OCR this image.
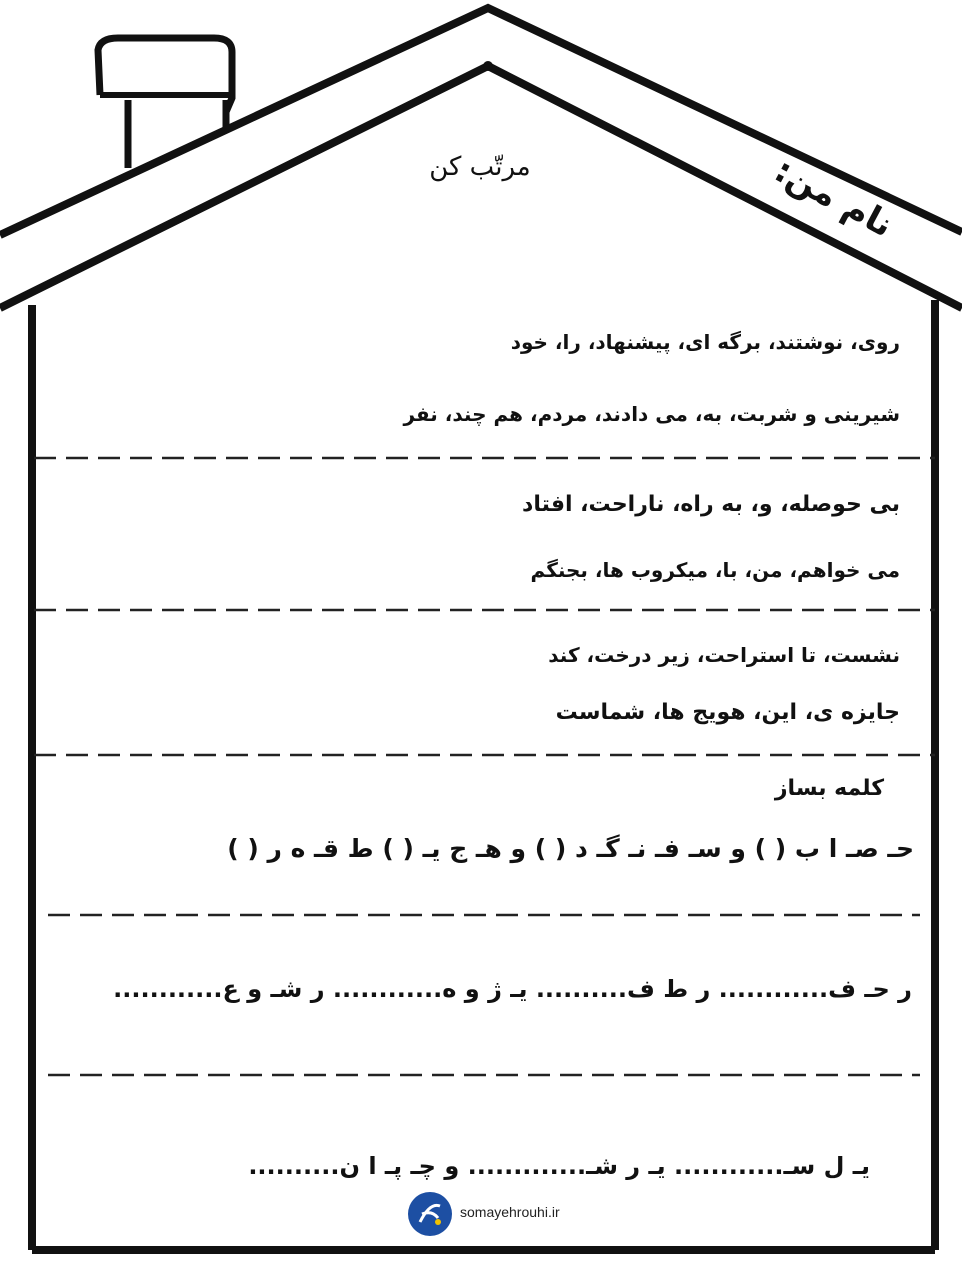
مرتّب کن	نام من:
روی، نوشتند، برگه ای، پیشنهاد، را، خود
شیرینی و شربت، به، می دادند، مردم، هم چند، نفر
بی حوصله، و، به راه، ناراحت، افتاد
می خواهم، من، با، میکروب ها، بجنگم
نشست، تا استراحت، زیر درخت، کند
جایزه ی، این، هویج ها، شماست
کلمه بساز
حـ صـ ا ب ( ) و سـ فـ نـ گـ د ( ) و هـ ج یـ ( ) ط قـ ه ر ( )
ر حـ ف............ ر ط ف.......... یـ ژ و ه............ ر شـ و ع............
یـ ل سـ............ یـ ر شـ............. و چـ پـ ا ن..........
somayehrouhi.ir
